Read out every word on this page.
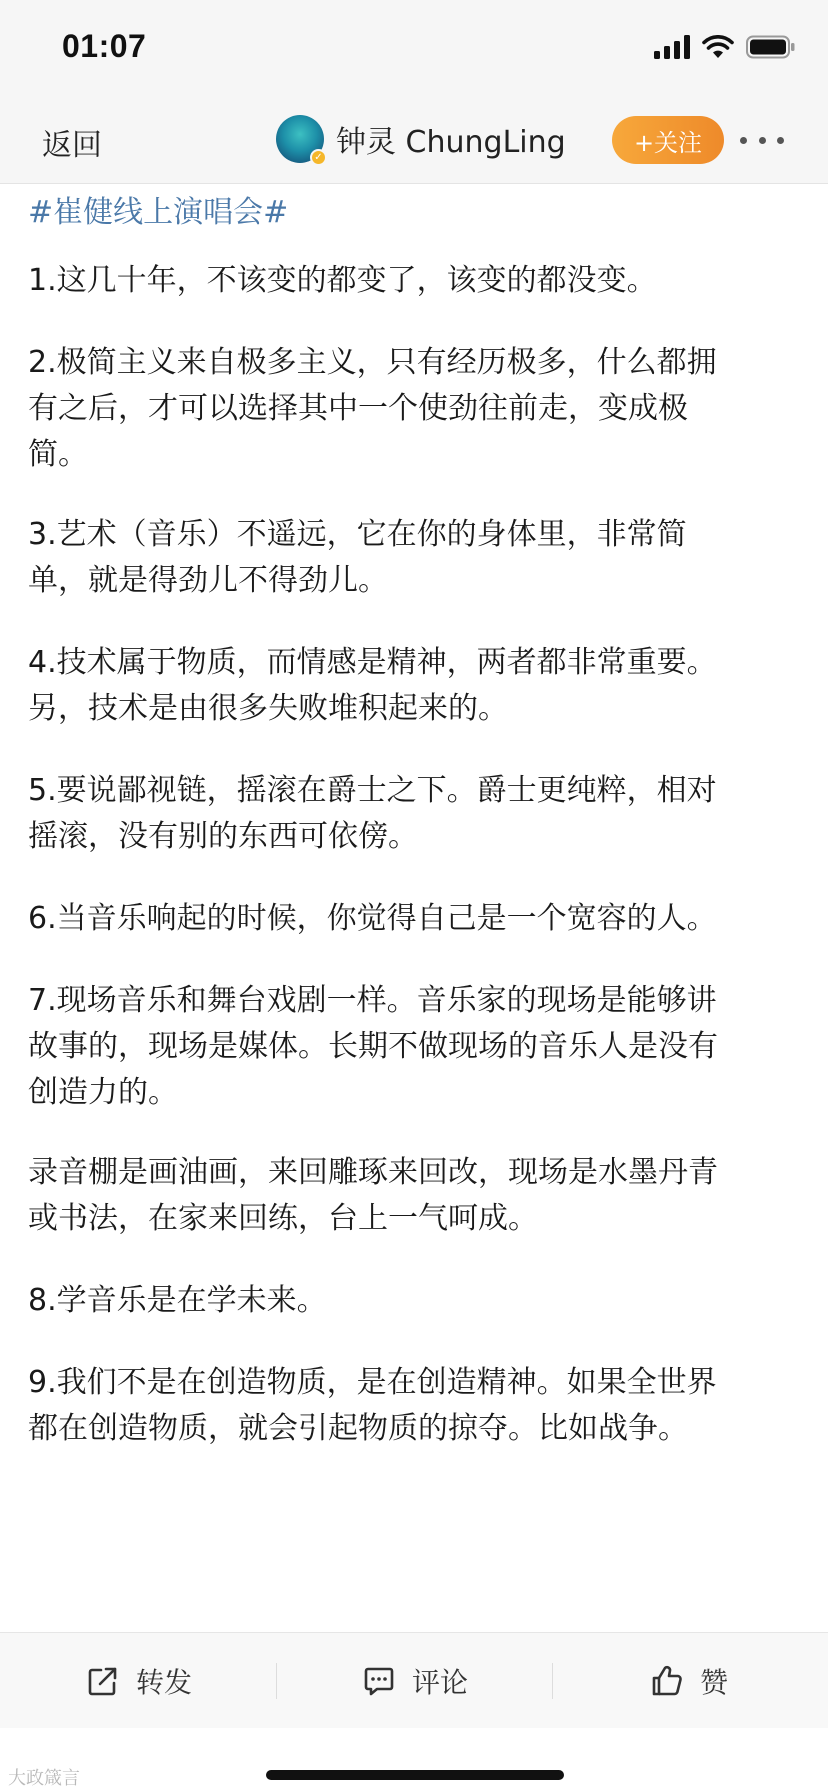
01:07
返回	✓ 钟灵 ChungLing	+关注
#崔健线上演唱会#
1.这几十年，不该变的都变了，该变的都没变。
2.极简主义来自极多主义，只有经历极多，什么都拥
有之后，才可以选择其中一个使劲往前走，变成极
简。
3.艺术（音乐）不遥远，它在你的身体里，非常简
单，就是得劲儿不得劲儿。
4.技术属于物质，而情感是精神，两者都非常重要。
另，技术是由很多失败堆积起来的。
5.要说鄙视链，摇滚在爵士之下。爵士更纯粹，相对
摇滚，没有别的东西可依傍。
6.当音乐响起的时候，你觉得自己是一个宽容的人。
7.现场音乐和舞台戏剧一样。音乐家的现场是能够讲
故事的，现场是媒体。长期不做现场的音乐人是没有
创造力的。
录音棚是画油画，来回雕琢来回改，现场是水墨丹青
或书法，在家来回练，台上一气呵成。
8.学音乐是在学未来。
9.我们不是在创造物质，是在创造精神。如果全世界
都在创造物质，就会引起物质的掠夺。比如战争。
转发	评论	赞
大政箴言
